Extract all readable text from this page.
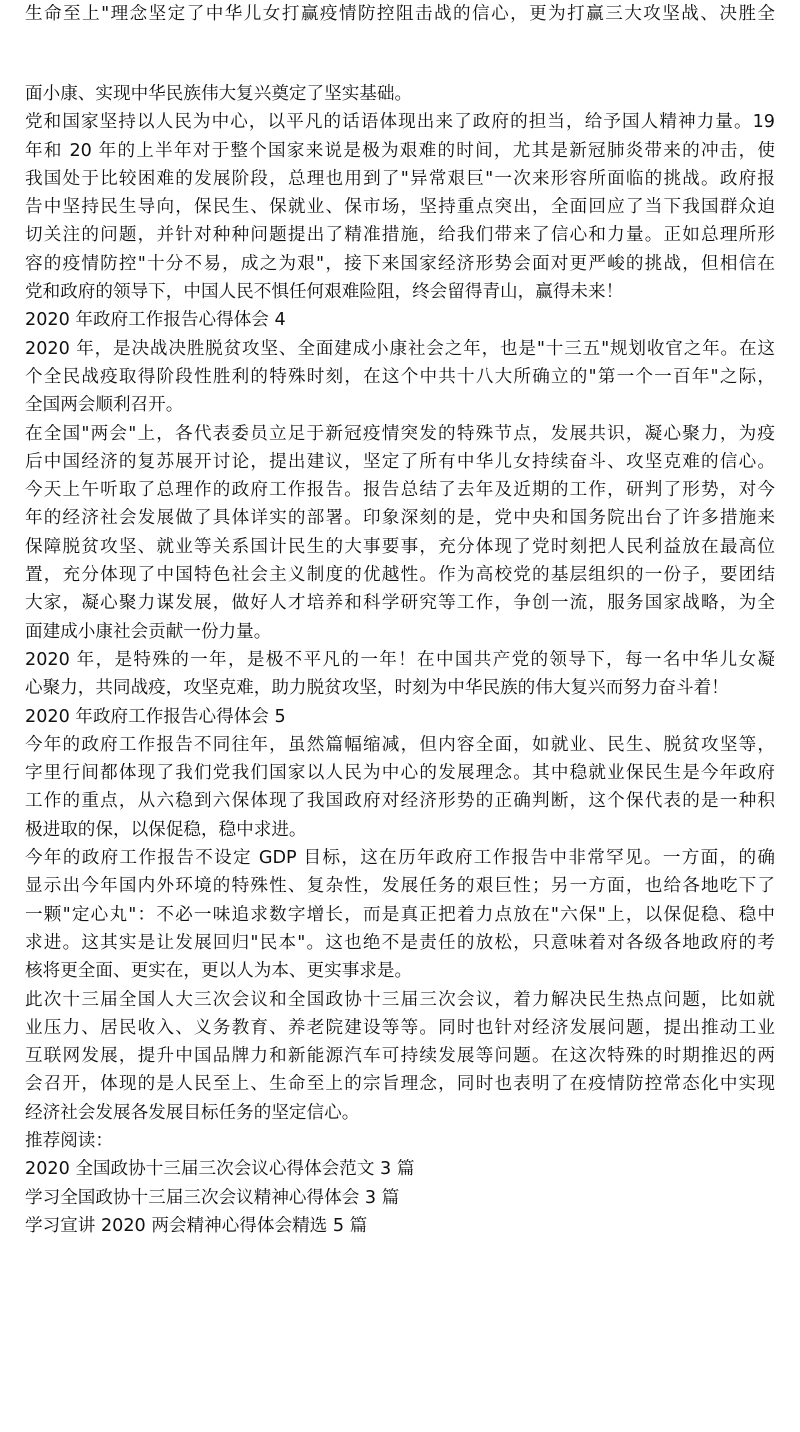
生命至上"理念坚定了中华儿女打赢疫情防控阻击战的信心，更为打赢三大攻坚战、决胜全
面小康、实现中华民族伟大复兴奠定了坚实基础。
党和国家坚持以人民为中心，以平凡的话语体现出来了政府的担当，给予国人精神力量。19
年和 20 年的上半年对于整个国家来说是极为艰难的时间，尤其是新冠肺炎带来的冲击，使
我国处于比较困难的发展阶段，总理也用到了"异常艰巨"一次来形容所面临的挑战。政府报
告中坚持民生导向，保民生、保就业、保市场，坚持重点突出，全面回应了当下我国群众迫
切关注的问题，并针对种种问题提出了精准措施，给我们带来了信心和力量。正如总理所形
容的疫情防控"十分不易，成之为艰"，接下来国家经济形势会面对更严峻的挑战，但相信在
党和政府的领导下，中国人民不惧任何艰难险阻，终会留得青山，赢得未来！
2020 年政府工作报告心得体会 4
2020 年，是决战决胜脱贫攻坚、全面建成小康社会之年，也是"十三五"规划收官之年。在这
个全民战疫取得阶段性胜利的特殊时刻，在这个中共十八大所确立的"第一个一百年"之际，
全国两会顺利召开。
在全国"两会"上，各代表委员立足于新冠疫情突发的特殊节点，发展共识，凝心聚力，为疫
后中国经济的复苏展开讨论，提出建议，坚定了所有中华儿女持续奋斗、攻坚克难的信心。
今天上午听取了总理作的政府工作报告。报告总结了去年及近期的工作，研判了形势，对今
年的经济社会发展做了具体详实的部署。印象深刻的是，党中央和国务院出台了许多措施来
保障脱贫攻坚、就业等关系国计民生的大事要事，充分体现了党时刻把人民利益放在最高位
置，充分体现了中国特色社会主义制度的优越性。作为高校党的基层组织的一份子，要团结
大家，凝心聚力谋发展，做好人才培养和科学研究等工作，争创一流，服务国家战略，为全
面建成小康社会贡献一份力量。
2020 年，是特殊的一年，是极不平凡的一年！在中国共产党的领导下，每一名中华儿女凝
心聚力，共同战疫，攻坚克难，助力脱贫攻坚，时刻为中华民族的伟大复兴而努力奋斗着！
2020 年政府工作报告心得体会 5
今年的政府工作报告不同往年，虽然篇幅缩减，但内容全面，如就业、民生、脱贫攻坚等，
字里行间都体现了我们党我们国家以人民为中心的发展理念。其中稳就业保民生是今年政府
工作的重点，从六稳到六保体现了我国政府对经济形势的正确判断，这个保代表的是一种积
极进取的保，以保促稳，稳中求进。
今年的政府工作报告不设定 GDP 目标，这在历年政府工作报告中非常罕见。一方面，的确
显示出今年国内外环境的特殊性、复杂性，发展任务的艰巨性；另一方面，也给各地吃下了
一颗"定心丸"：不必一味追求数字增长，而是真正把着力点放在"六保"上，以保促稳、稳中
求进。这其实是让发展回归"民本"。这也绝不是责任的放松，只意味着对各级各地政府的考
核将更全面、更实在，更以人为本、更实事求是。
此次十三届全国人大三次会议和全国政协十三届三次会议，着力解决民生热点问题，比如就
业压力、居民收入、义务教育、养老院建设等等。同时也针对经济发展问题，提出推动工业
互联网发展，提升中国品牌力和新能源汽车可持续发展等问题。在这次特殊的时期推迟的两
会召开，体现的是人民至上、生命至上的宗旨理念，同时也表明了在疫情防控常态化中实现
经济社会发展各发展目标任务的坚定信心。
推荐阅读：
2020 全国政协十三届三次会议心得体会范文 3 篇
学习全国政协十三届三次会议精神心得体会 3 篇
学习宣讲 2020 两会精神心得体会精选 5 篇
